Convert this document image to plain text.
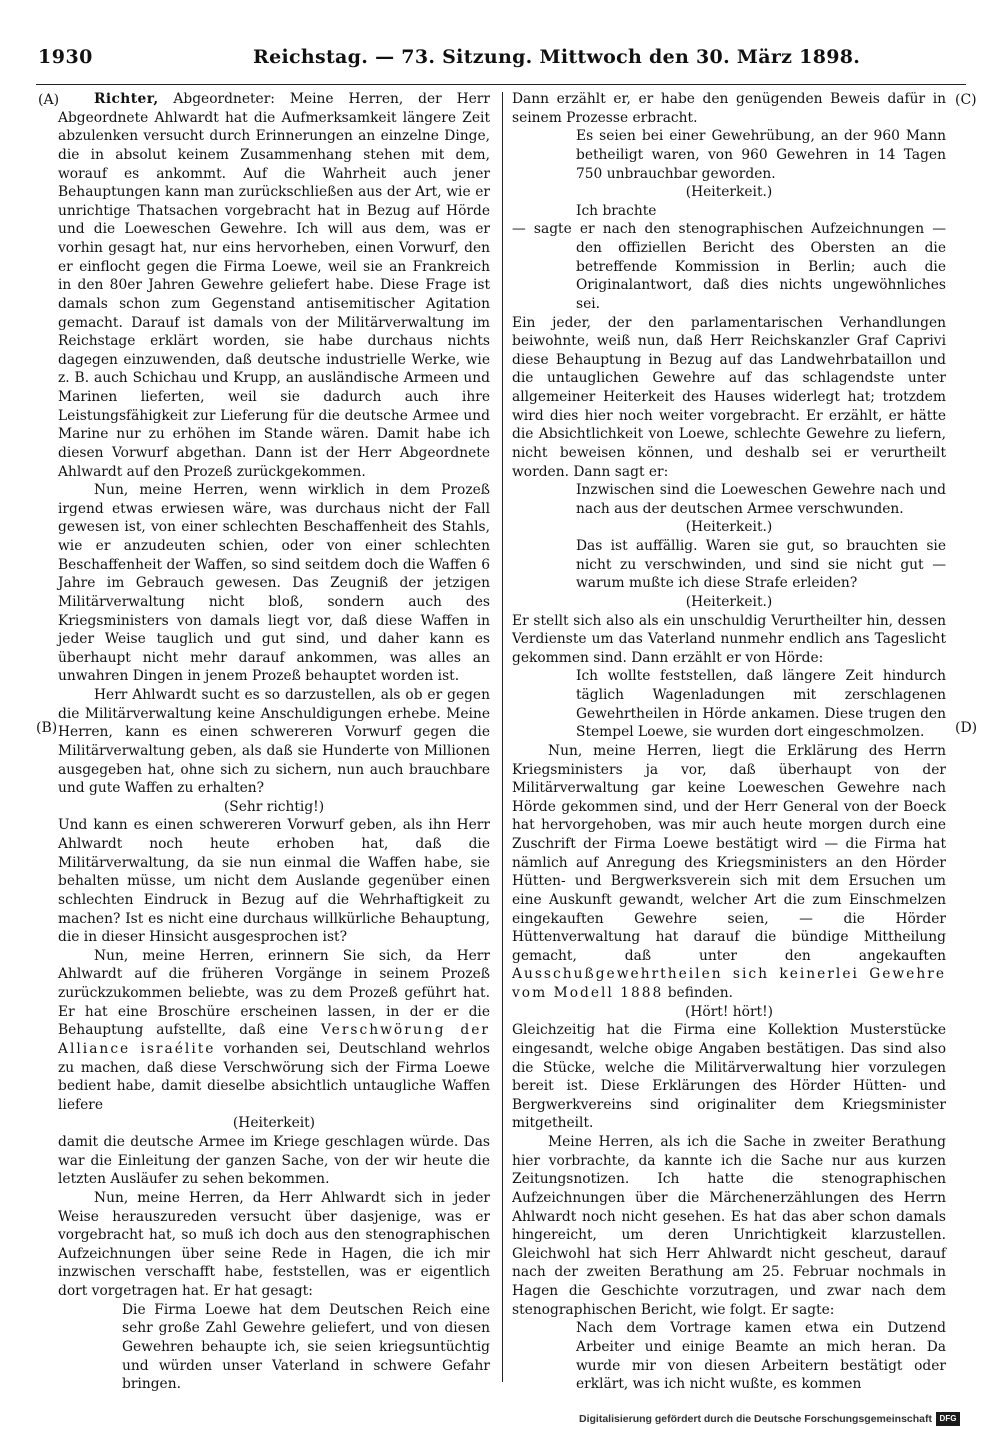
1930	Reichstag. — 73. Sitzung. Mittwoch den 30. März 1898.
(A)
(B)
(C)
(D)

Richter, Abgeordneter: Meine Herren, der Herr Abgeordnete Ahlwardt hat die Aufmerksamkeit längere Zeit abzulenken versucht durch Erinnerungen an einzelne Dinge, die in absolut keinem Zusammenhang stehen mit dem, worauf es ankommt. Auf die Wahrheit auch jener Behauptungen kann man zurückschließen aus der Art, wie er unrichtige Thatsachen vorgebracht hat in Bezug auf Hörde und die Loeweschen Gewehre. Ich will aus dem, was er vorhin gesagt hat, nur eins hervorheben, einen Vorwurf, den er einflocht gegen die Firma Loewe, weil sie an Frankreich in den 80er Jahren Gewehre geliefert habe. Diese Frage ist damals schon zum Gegenstand antisemitischer Agitation gemacht. Darauf ist damals von der Militärverwaltung im Reichstage erklärt worden, sie habe durchaus nichts dagegen einzuwenden, daß deutsche industrielle Werke, wie z. B. auch Schichau und Krupp, an ausländische Armeen und Marinen lieferten, weil sie dadurch auch ihre Leistungsfähigkeit zur Lieferung für die deutsche Armee und Marine nur zu erhöhen im Stande wären. Damit habe ich diesen Vorwurf abgethan. Dann ist der Herr Abgeordnete Ahlwardt auf den Prozeß zurückgekommen.

Nun, meine Herren, wenn wirklich in dem Prozeß irgend etwas erwiesen wäre, was durchaus nicht der Fall gewesen ist, von einer schlechten Beschaffenheit des Stahls, wie er anzudeuten schien, oder von einer schlechten Beschaffenheit der Waffen, so sind seitdem doch die Waffen 6 Jahre im Gebrauch gewesen. Das Zeugniß der jetzigen Militärverwaltung nicht bloß, sondern auch des Kriegsministers von damals liegt vor, daß diese Waffen in jeder Weise tauglich und gut sind, und daher kann es überhaupt nicht mehr darauf ankommen, was alles an unwahren Dingen in jenem Prozeß behauptet worden ist.

Herr Ahlwardt sucht es so darzustellen, als ob er gegen die Militärverwaltung keine Anschuldigungen erhebe. Meine Herren, kann es einen schwereren Vorwurf gegen die Militärverwaltung geben, als daß sie Hunderte von Millionen ausgegeben hat, ohne sich zu sichern, nun auch brauchbare und gute Waffen zu erhalten?

(Sehr richtig!)

Und kann es einen schwereren Vorwurf geben, als ihn Herr Ahlwardt noch heute erhoben hat, daß die Militärverwaltung, da sie nun einmal die Waffen habe, sie behalten müsse, um nicht dem Auslande gegenüber einen schlechten Eindruck in Bezug auf die Wehrhaftigkeit zu machen? Ist es nicht eine durchaus willkürliche Behauptung, die in dieser Hinsicht ausgesprochen ist?

Nun, meine Herren, erinnern Sie sich, da Herr Ahlwardt auf die früheren Vorgänge in seinem Prozeß zurückzukommen beliebte, was zu dem Prozeß geführt hat. Er hat eine Broschüre erscheinen lassen, in der er die Behauptung aufstellte, daß eine Verschwörung der Alliance israélite vorhanden sei, Deutschland wehrlos zu machen, daß diese Verschwörung sich der Firma Loewe bedient habe, damit dieselbe absichtlich untaugliche Waffen liefere

(Heiterkeit)

damit die deutsche Armee im Kriege geschlagen würde. Das war die Einleitung der ganzen Sache, von der wir heute die letzten Ausläufer zu sehen bekommen.

Nun, meine Herren, da Herr Ahlwardt sich in jeder Weise herauszureden versucht über dasjenige, was er vorgebracht hat, so muß ich doch aus den stenographischen Aufzeichnungen über seine Rede in Hagen, die ich mir inzwischen verschafft habe, feststellen, was er eigentlich dort vorgetragen hat. Er hat gesagt:

Die Firma Loewe hat dem Deutschen Reich eine sehr große Zahl Gewehre geliefert, und von diesen Gewehren behaupte ich, sie seien kriegsuntüchtig und würden unser Vaterland in schwere Gefahr bringen.

Dann erzählt er, er habe den genügenden Beweis dafür in seinem Prozesse erbracht.

Es seien bei einer Gewehrübung, an der 960 Mann betheiligt waren, von 960 Gewehren in 14 Tagen 750 unbrauchbar geworden.

(Heiterkeit.)

Ich brachte

— sagte er nach den stenographischen Aufzeichnungen — den offiziellen Bericht des Obersten an die betreffende Kommission in Berlin; auch die Originalantwort, daß dies nichts ungewöhnliches sei.

Ein jeder, der den parlamentarischen Verhandlungen beiwohnte, weiß nun, daß Herr Reichskanzler Graf Caprivi diese Behauptung in Bezug auf das Landwehrbataillon und die untauglichen Gewehre auf das schlagendste unter allgemeiner Heiterkeit des Hauses widerlegt hat; trotzdem wird dies hier noch weiter vorgebracht. Er erzählt, er hätte die Absichtlichkeit von Loewe, schlechte Gewehre zu liefern, nicht beweisen können, und deshalb sei er verurtheilt worden. Dann sagt er:

Inzwischen sind die Loeweschen Gewehre nach und nach aus der deutschen Armee verschwunden.

(Heiterkeit.)

Das ist auffällig. Waren sie gut, so brauchten sie nicht zu verschwinden, und sind sie nicht gut — warum mußte ich diese Strafe erleiden?

(Heiterkeit.)

Er stellt sich also als ein unschuldig Verurtheilter hin, dessen Verdienste um das Vaterland nunmehr endlich ans Tageslicht gekommen sind. Dann erzählt er von Hörde:

Ich wollte feststellen, daß längere Zeit hindurch täglich Wagenladungen mit zerschlagenen Gewehrtheilen in Hörde ankamen. Diese trugen den Stempel Loewe, sie wurden dort eingeschmolzen.

Nun, meine Herren, liegt die Erklärung des Herrn Kriegsministers ja vor, daß überhaupt von der Militärverwaltung gar keine Loeweschen Gewehre nach Hörde gekommen sind, und der Herr General von der Boeck hat hervorgehoben, was mir auch heute morgen durch eine Zuschrift der Firma Loewe bestätigt wird — die Firma hat nämlich auf Anregung des Kriegsministers an den Hörder Hütten- und Bergwerksverein sich mit dem Ersuchen um eine Auskunft gewandt, welcher Art die zum Einschmelzen eingekauften Gewehre seien, — die Hörder Hüttenverwaltung hat darauf die bündige Mittheilung gemacht, daß unter den angekauften Ausschußgewehrtheilen sich keinerlei Gewehre vom Modell 1888 befinden.

(Hört! hört!)

Gleichzeitig hat die Firma eine Kollektion Musterstücke eingesandt, welche obige Angaben bestätigen. Das sind also die Stücke, welche die Militärverwaltung hier vorzulegen bereit ist. Diese Erklärungen des Hörder Hütten- und Bergwerkvereins sind originaliter dem Kriegsminister mitgetheilt.

Meine Herren, als ich die Sache in zweiter Berathung hier vorbrachte, da kannte ich die Sache nur aus kurzen Zeitungsnotizen. Ich hatte die stenographischen Aufzeichnungen über die Märchenerzählungen des Herrn Ahlwardt noch nicht gesehen. Es hat das aber schon damals hingereicht, um deren Unrichtigkeit klarzustellen. Gleichwohl hat sich Herr Ahlwardt nicht gescheut, darauf nach der zweiten Berathung am 25. Februar nochmals in Hagen die Geschichte vorzutragen, und zwar nach dem stenographischen Bericht, wie folgt. Er sagte:

Nach dem Vortrage kamen etwa ein Dutzend Arbeiter und einige Beamte an mich heran. Da wurde mir von diesen Arbeitern bestätigt oder erklärt, was ich nicht wußte, es kommen

Digitalisierung gefördert durch die Deutsche Forschungsgemeinschaft DFG
